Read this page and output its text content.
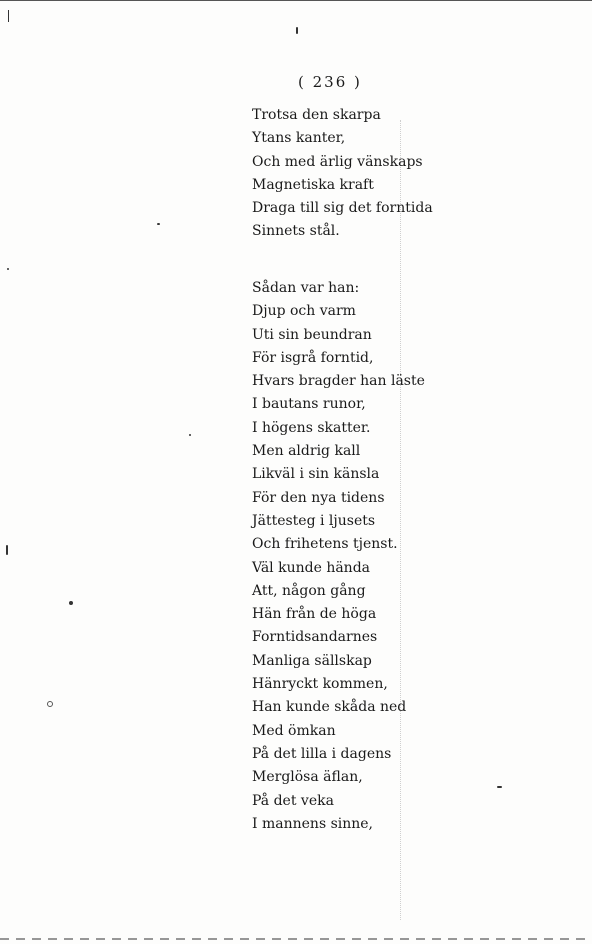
( 236 )

Trotsa den skarpa
Ytans kanter,
Och med ärlig vänskaps
Magnetiska kraft
Draga till sig det forntida
Sinnets stål.
Sådan var han:
Djup och varm
Uti sin beundran
För isgrå forntid,
Hvars bragder han läste
I bautans runor,
I högens skatter.
Men aldrig kall
Likväl i sin känsla
För den nya tidens
Jättesteg i ljusets
Och frihetens tjenst.
Väl kunde hända
Att, någon gång
Hän från de höga
Forntidsandarnes
Manliga sällskap
Hänryckt kommen,
Han kunde skåda ned
Med ömkan
På det lilla i dagens
Merglösa äflan,
På det veka
I mannens sinne,
